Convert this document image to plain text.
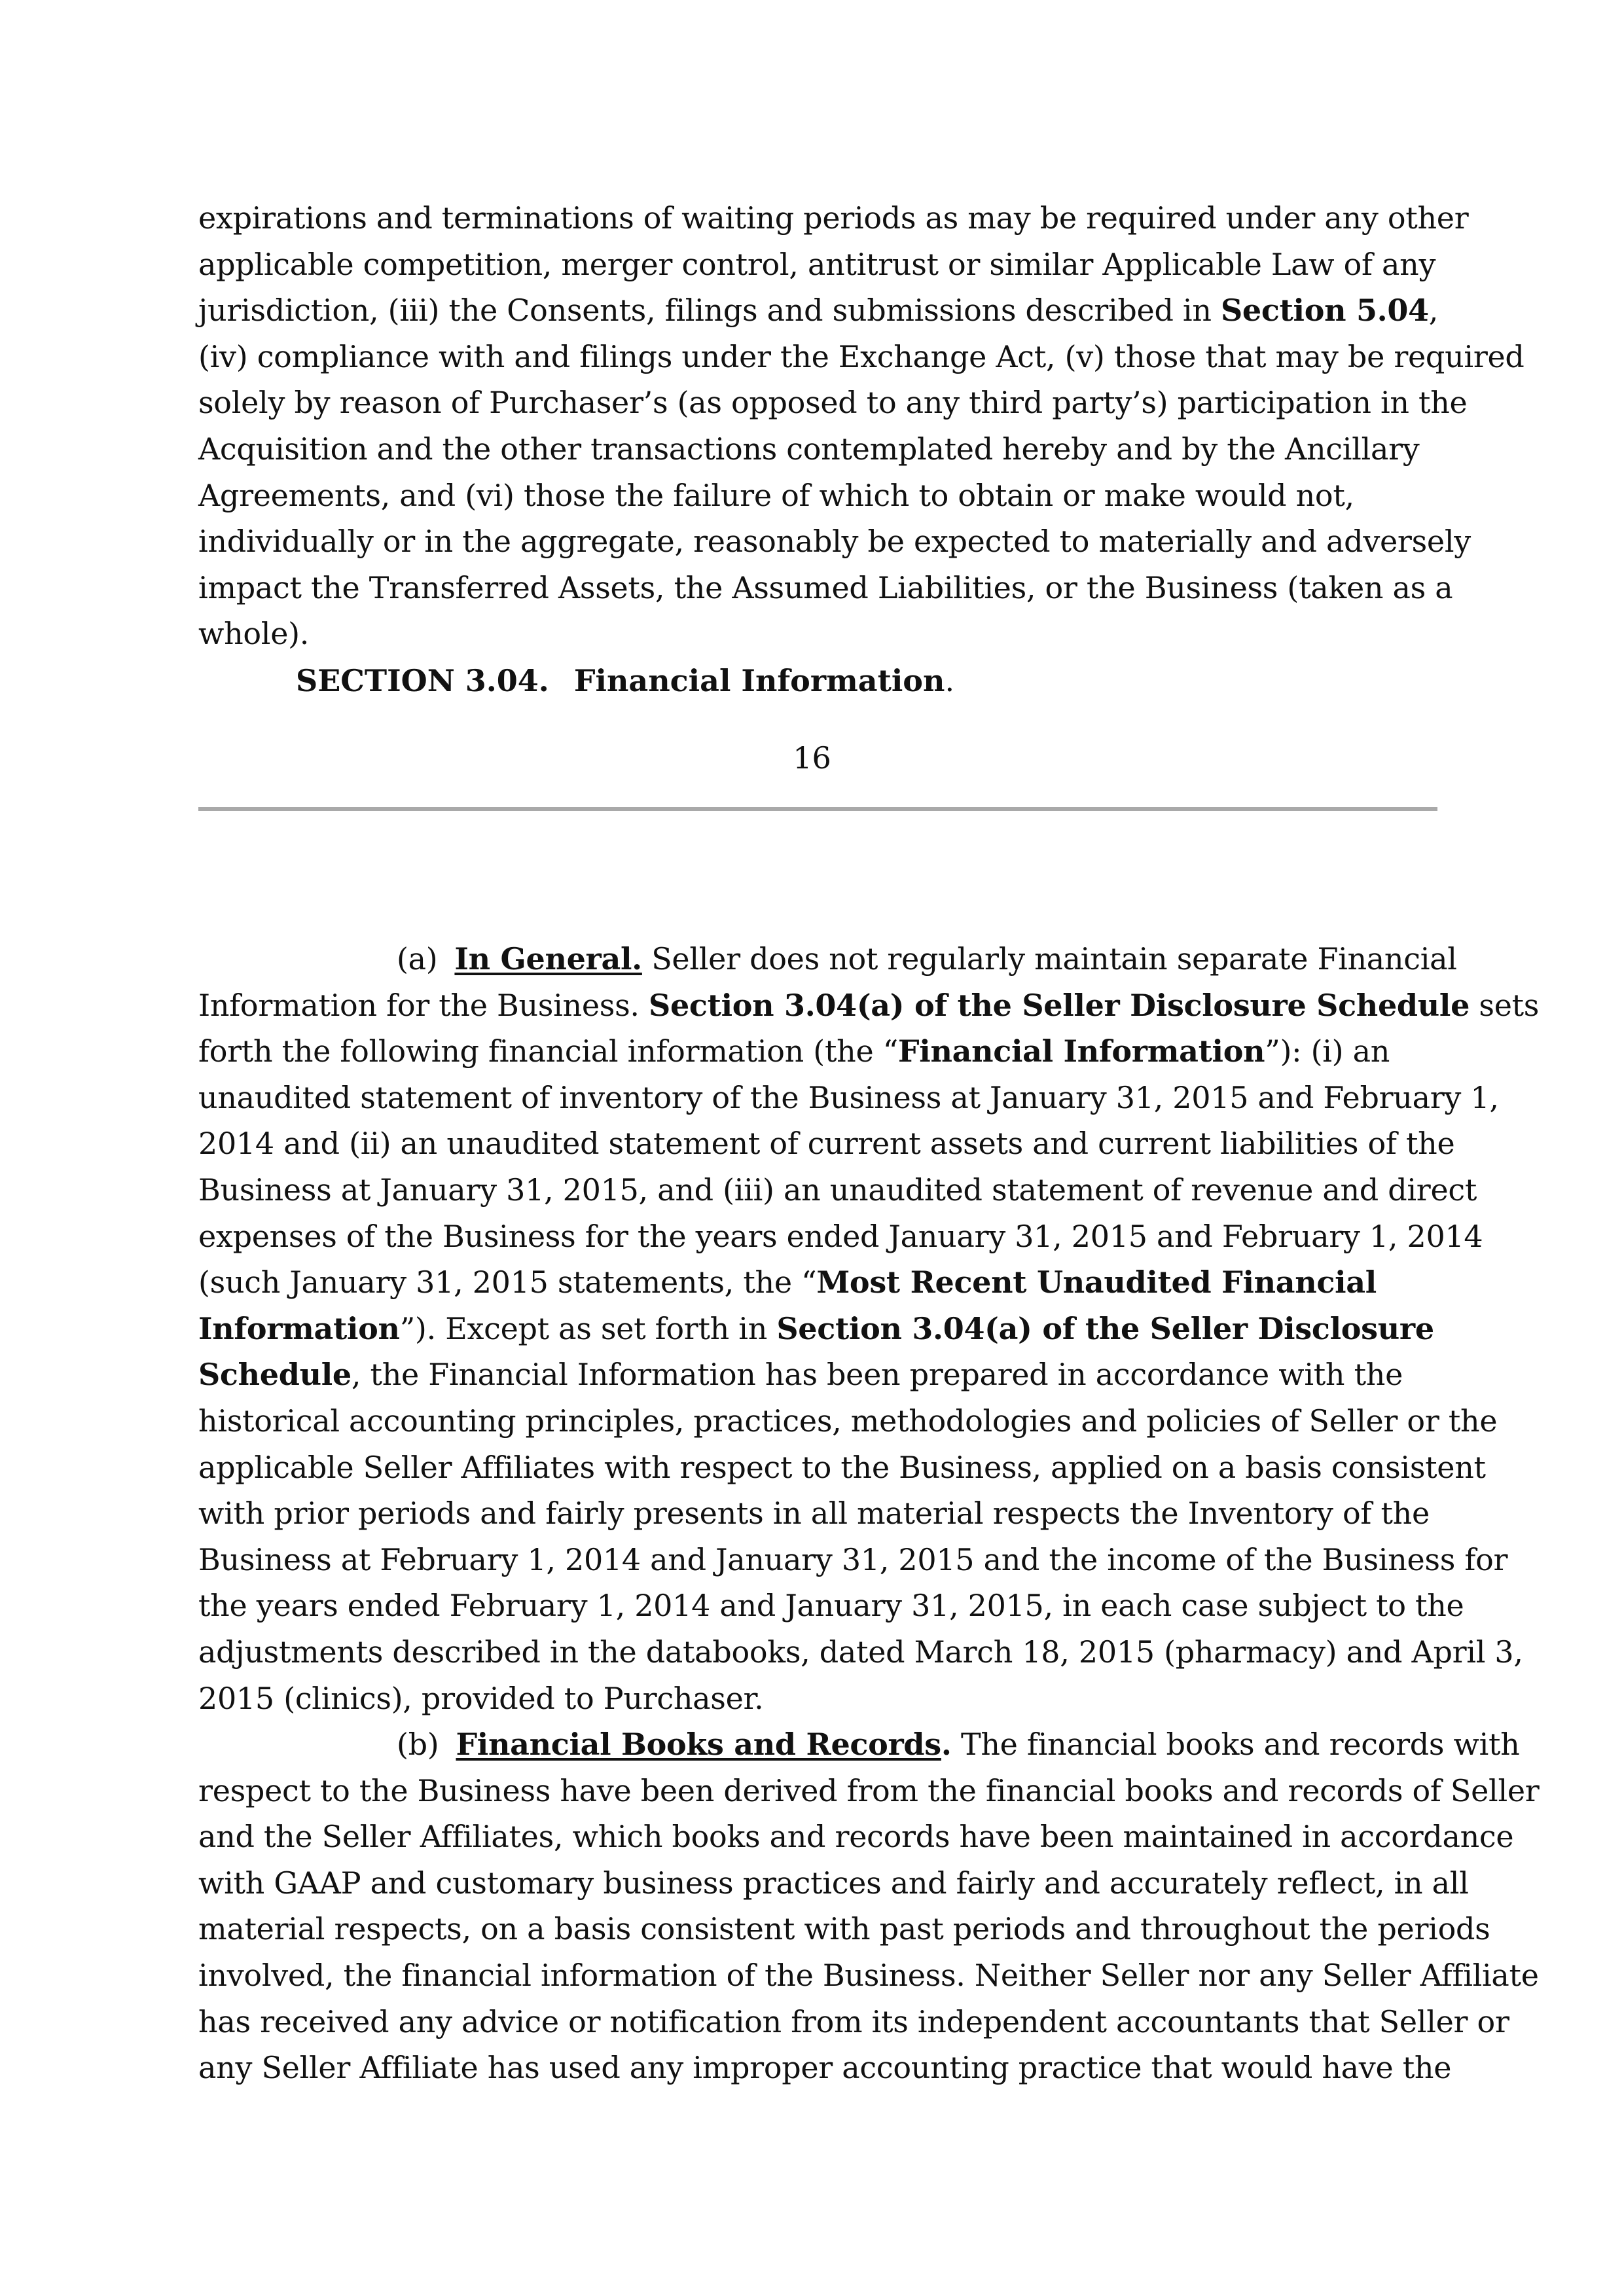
expirations and terminations of waiting periods as may be required under any other
applicable competition, merger control, antitrust or similar Applicable Law of any
jurisdiction, (iii) the Consents, filings and submissions described in Section 5.04,
(iv) compliance with and filings under the Exchange Act, (v) those that may be required
solely by reason of Purchaser’s (as opposed to any third party’s) participation in the
Acquisition and the other transactions contemplated hereby and by the Ancillary
Agreements, and (vi) those the failure of which to obtain or make would not,
individually or in the aggregate, reasonably be expected to materially and adversely
impact the Transferred Assets, the Assumed Liabilities, or the Business (taken as a
whole).
SECTION 3.04. Financial Information.
16
(a) In General. Seller does not regularly maintain separate Financial
Information for the Business. Section 3.04(a) of the Seller Disclosure Schedule sets
forth the following financial information (the “Financial Information”): (i) an
unaudited statement of inventory of the Business at January 31, 2015 and February 1,
2014 and (ii) an unaudited statement of current assets and current liabilities of the
Business at January 31, 2015, and (iii) an unaudited statement of revenue and direct
expenses of the Business for the years ended January 31, 2015 and February 1, 2014
(such January 31, 2015 statements, the “Most Recent Unaudited Financial
Information”). Except as set forth in Section 3.04(a) of the Seller Disclosure
Schedule, the Financial Information has been prepared in accordance with the
historical accounting principles, practices, methodologies and policies of Seller or the
applicable Seller Affiliates with respect to the Business, applied on a basis consistent
with prior periods and fairly presents in all material respects the Inventory of the
Business at February 1, 2014 and January 31, 2015 and the income of the Business for
the years ended February 1, 2014 and January 31, 2015, in each case subject to the
adjustments described in the databooks, dated March 18, 2015 (pharmacy) and April 3,
2015 (clinics), provided to Purchaser.
(b) Financial Books and Records. The financial books and records with
respect to the Business have been derived from the financial books and records of Seller
and the Seller Affiliates, which books and records have been maintained in accordance
with GAAP and customary business practices and fairly and accurately reflect, in all
material respects, on a basis consistent with past periods and throughout the periods
involved, the financial information of the Business. Neither Seller nor any Seller Affiliate
has received any advice or notification from its independent accountants that Seller or
any Seller Affiliate has used any improper accounting practice that would have the
